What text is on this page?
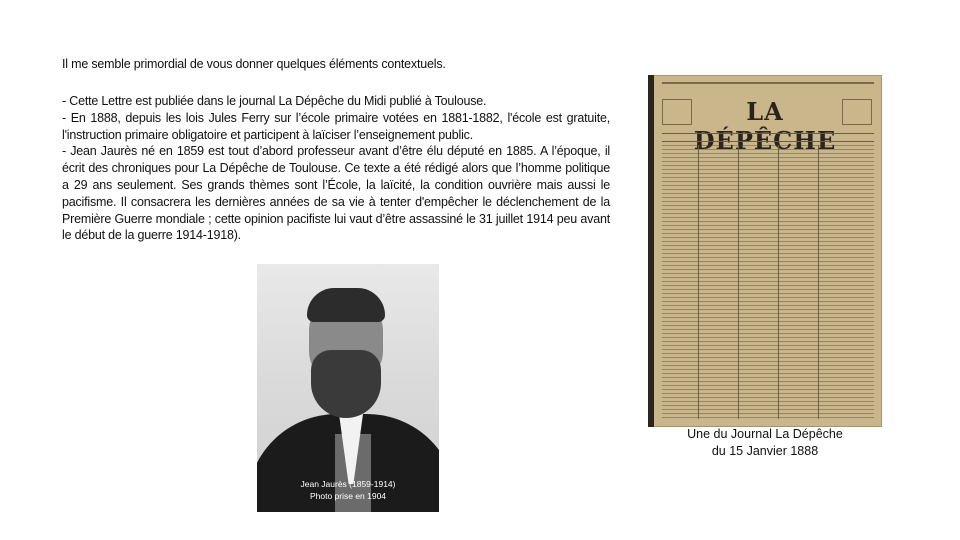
Il me semble primordial de vous donner quelques éléments contextuels.

- Cette Lettre est publiée dans le journal La Dépêche du Midi publié à Toulouse.

- En 1888, depuis les lois Jules Ferry sur l’école primaire votées en 1881-1882, l'école est gratuite, l'instruction primaire obligatoire et participent à laïciser l’enseignement public.

- Jean Jaurès né en 1859 est tout d’abord professeur avant d’être élu député en 1885. A l’époque, il écrit des chroniques pour La Dépêche de Toulouse. Ce texte a été rédigé alors que l’homme politique a 29 ans seulement. Ses grands thèmes sont l’École, la laïcité, la condition ouvrière mais aussi le pacifisme. Il consacrera les dernières années de sa vie à tenter d'empêcher le déclenchement de la Première Guerre mondiale ; cette opinion pacifiste lui vaut d’être assassiné le 31 juillet 1914 peu avant le début de la guerre 1914-1918).

Jean Jaurès (1859-1914)
Photo prise en 1904
LA
Une du Journal La Dépêche
du 15 Janvier 1888
